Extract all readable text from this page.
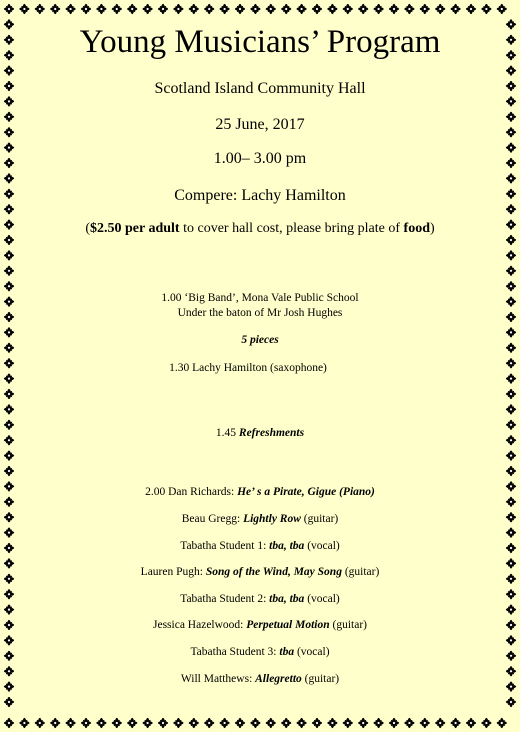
Young Musicians’ Program
Scotland Island Community Hall
25 June, 2017
1.00– 3.00 pm
Compere: Lachy Hamilton
($2.50 per adult to cover hall cost, please bring plate of food)
1.00 ‘Big Band’, Mona Vale Public School
Under the baton of Mr Josh Hughes
5 pieces
1.30 Lachy Hamilton (saxophone)
1.45 Refreshments
2.00 Dan Richards: He’ s a Pirate, Gigue (Piano)
Beau Gregg: Lightly Row (guitar)
Tabatha Student 1: tba, tba (vocal)
Lauren Pugh: Song of the Wind, May Song (guitar)
Tabatha Student 2: tba, tba (vocal)
Jessica Hazelwood: Perpetual Motion (guitar)
Tabatha Student 3: tba (vocal)
Will Matthews: Allegretto (guitar)
